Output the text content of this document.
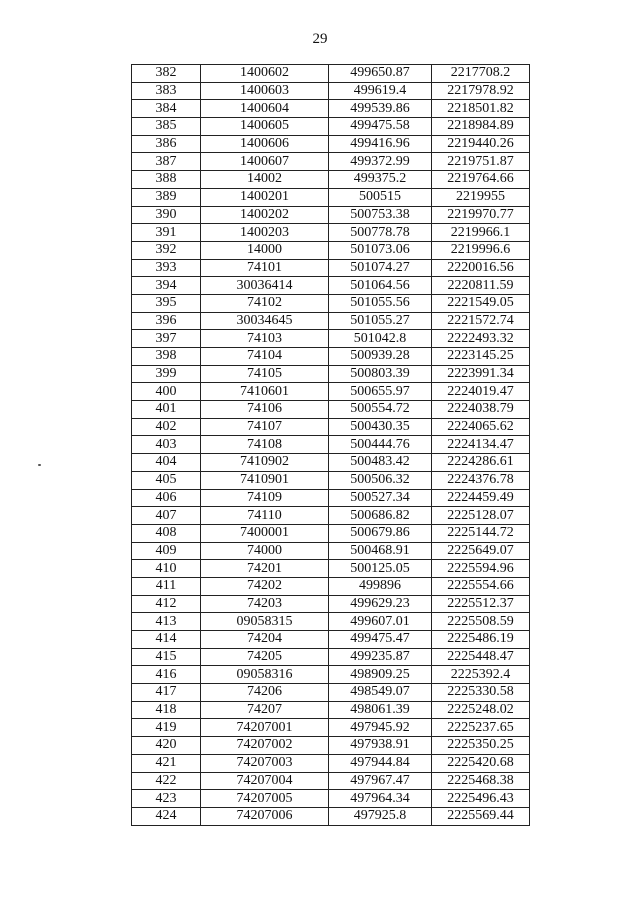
29
382	1400602	499650.87	2217708.2
383	1400603	499619.4	2217978.92
384	1400604	499539.86	2218501.82
385	1400605	499475.58	2218984.89
386	1400606	499416.96	2219440.26
387	1400607	499372.99	2219751.87
388	14002	499375.2	2219764.66
389	1400201	500515	2219955
390	1400202	500753.38	2219970.77
391	1400203	500778.78	2219966.1
392	14000	501073.06	2219996.6
393	74101	501074.27	2220016.56
394	30036414	501064.56	2220811.59
395	74102	501055.56	2221549.05
396	30034645	501055.27	2221572.74
397	74103	501042.8	2222493.32
398	74104	500939.28	2223145.25
399	74105	500803.39	2223991.34
400	7410601	500655.97	2224019.47
401	74106	500554.72	2224038.79
402	74107	500430.35	2224065.62
403	74108	500444.76	2224134.47
404	7410902	500483.42	2224286.61
405	7410901	500506.32	2224376.78
406	74109	500527.34	2224459.49
407	74110	500686.82	2225128.07
408	7400001	500679.86	2225144.72
409	74000	500468.91	2225649.07
410	74201	500125.05	2225594.96
411	74202	499896	2225554.66
412	74203	499629.23	2225512.37
413	09058315	499607.01	2225508.59
414	74204	499475.47	2225486.19
415	74205	499235.87	2225448.47
416	09058316	498909.25	2225392.4
417	74206	498549.07	2225330.58
418	74207	498061.39	2225248.02
419	74207001	497945.92	2225237.65
420	74207002	497938.91	2225350.25
421	74207003	497944.84	2225420.68
422	74207004	497967.47	2225468.38
423	74207005	497964.34	2225496.43
424	74207006	497925.8	2225569.44
